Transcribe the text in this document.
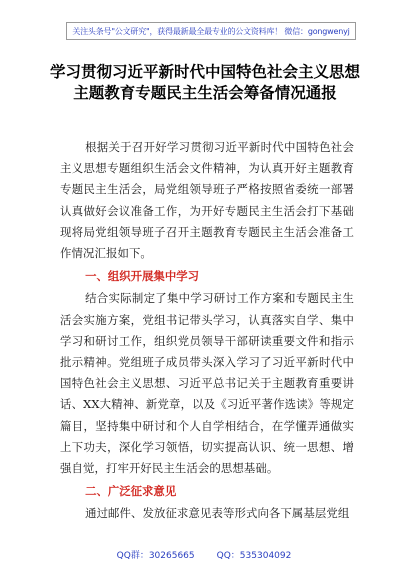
关注头条号"公文研究"，获得最新最全最专业的公文资料库！ 微信：gongwenyj
学习贯彻习近平新时代中国特色社会主义思想主题教育专题民主生活会筹备情况通报

根据关于召开好学习贯彻习近平新时代中国特色社会主义思想专题组织生活会文件精神，为认真开好主题教育专题民主生活会，局党组领导班子严格按照省委统一部署认真做好会议准备工作，为开好专题民主生活会打下基础现将局党组领导班子召开主题教育专题民主生活会准备工作情况汇报如下。

一、组织开展集中学习

结合实际制定了集中学习研讨工作方案和专题民主生活会实施方案，党组书记带头学习，认真落实自学、集中学习和研讨工作，组织党员领导干部研读重要文件和指示批示精神。党组班子成员带头深入学习了习近平新时代中国特色社会主义思想、习近平总书记关于主题教育重要讲话、XX大精神、新党章，以及《习近平著作选读》等规定篇目，坚持集中研讨和个人自学相结合，在学懂弄通做实上下功夫，深化学习领悟，切实提高认识、统一思想、增强自觉，打牢开好民主生活会的思想基础。

二、广泛征求意见

通过邮件、发放征求意见表等形式向各下属基层党组

QQ群：30265665 QQ：535304092
